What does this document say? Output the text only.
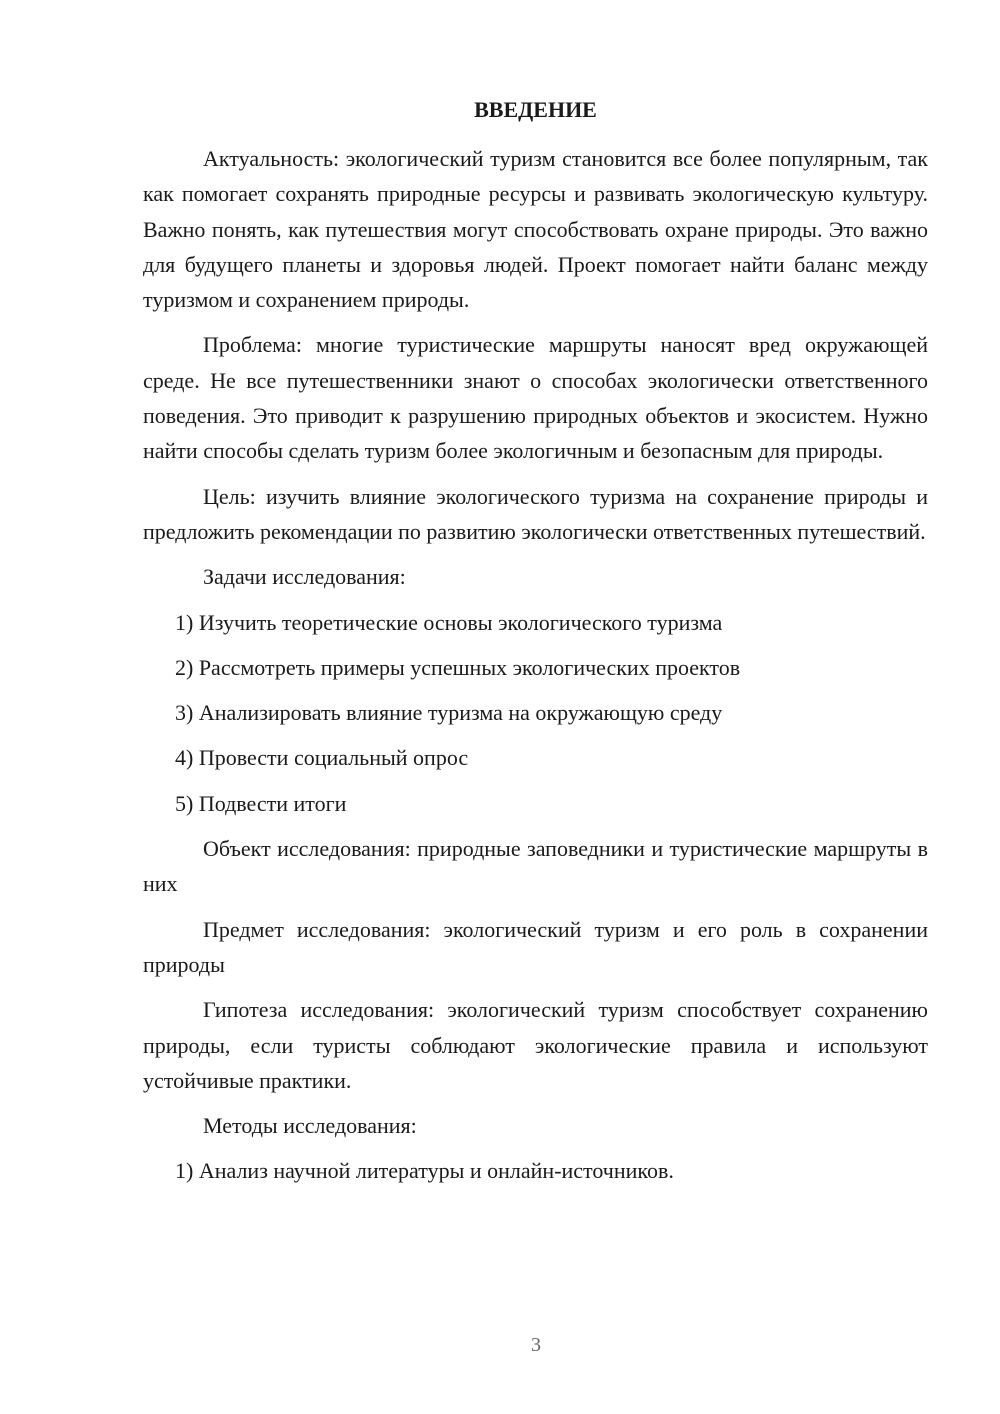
ВВЕДЕНИЕ

Актуальность: экологический туризм становится все более популярным, так как помогает сохранять природные ресурсы и развивать экологическую культуру. Важно понять, как путешествия могут способствовать охране природы. Это важно для будущего планеты и здоровья людей. Проект помогает найти баланс между туризмом и сохранением природы.

Проблема: многие туристические маршруты наносят вред окружающей среде. Не все путешественники знают о способах экологически ответственного поведения. Это приводит к разрушению природных объектов и экосистем. Нужно найти способы сделать туризм более экологичным и безопасным для природы.

Цель: изучить влияние экологического туризма на сохранение природы и предложить рекомендации по развитию экологически ответственных путешествий.

Задачи исследования:

1) Изучить теоретические основы экологического туризма
2) Рассмотреть примеры успешных экологических проектов
3) Анализировать влияние туризма на окружающую среду
4) Провести социальный опрос
5) Подвести итоги

Объект исследования: природные заповедники и туристические маршруты в них

Предмет исследования: экологический туризм и его роль в сохранении природы

Гипотеза исследования: экологический туризм способствует сохранению природы, если туристы соблюдают экологические правила и используют устойчивые практики.

Методы исследования:

1) Анализ научной литературы и онлайн-источников.
3
